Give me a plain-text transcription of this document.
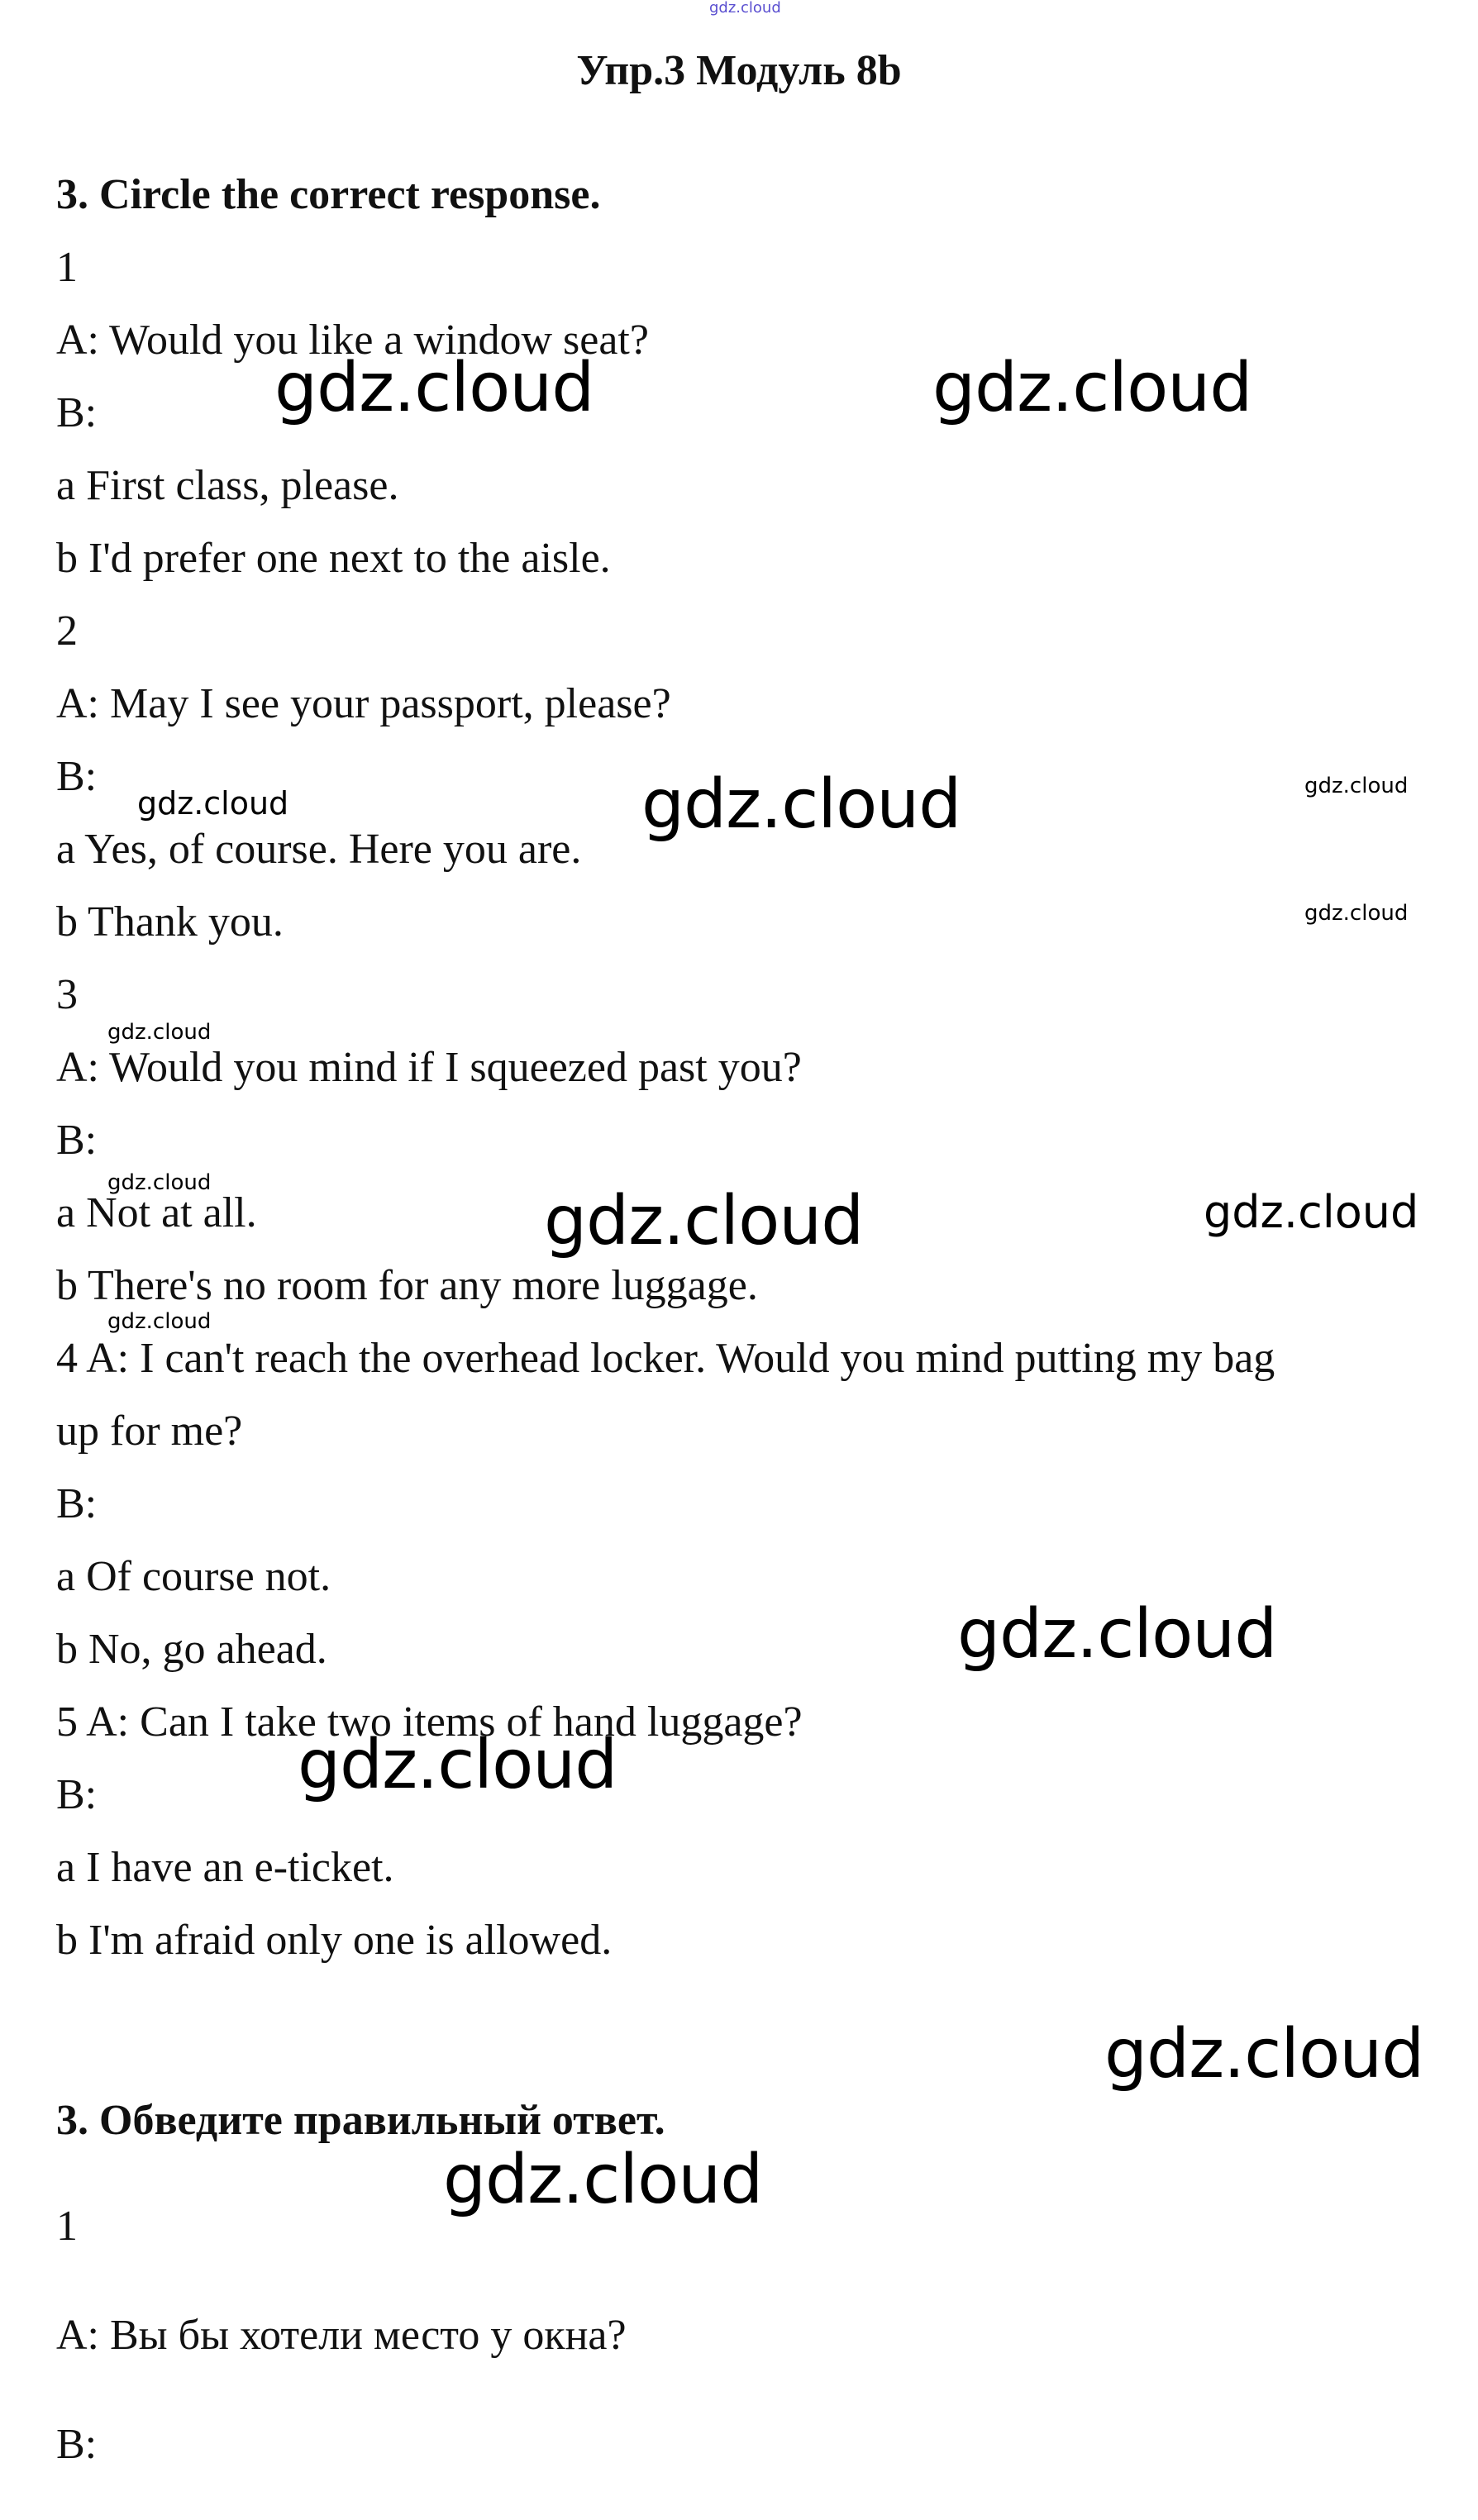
gdz.cloud
Упр.3 Модуль 8b
3. Circle the correct response.
1
A: Would you like a window seat?
B:
a First class, please.
b I'd prefer one next to the aisle.
2
A: May I see your passport, please?
B:
a Yes, of course. Here you are.
b Thank you.
3
A: Would you mind if I squeezed past you?
B:
a Not at all.
b There's no room for any more luggage.
4 A: I can't reach the overhead locker. Would you mind putting my bag
up for me?
B:
a Of course not.
b No, go ahead.
5 A: Can I take two items of hand luggage?
B:
a I have an e-ticket.
b I'm afraid only one is allowed.
3. Обведите правильный ответ.
1
A: Вы бы хотели место у окна?
B:
gdz.cloud	gdz.cloud
gdz.cloud	gdz.cloud	gdz.cloud
gdz.cloud
gdz.cloud
gdz.cloud	gdz.cloud	gdz.cloud
gdz.cloud
gdz.cloud
gdz.cloud
gdz.cloud
gdz.cloud
